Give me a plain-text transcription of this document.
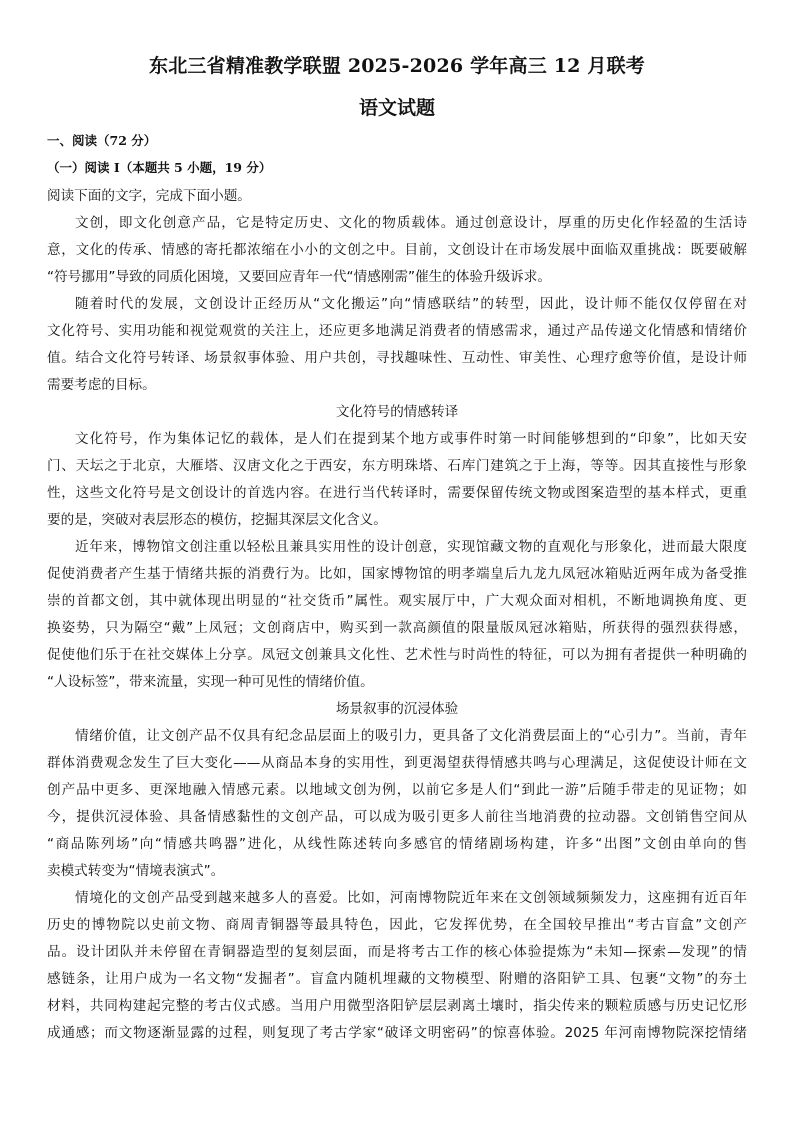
东北三省精准教学联盟 2025-2026 学年高三 12 月联考
语文试题
一、阅读（72 分）
（一）阅读 I（本题共 5 小题，19 分）
阅读下面的文字，完成下面小题。
文创，即文化创意产品，它是特定历史、文化的物质载体。通过创意设计，厚重的历史化作轻盈的生活诗
意，文化的传承、情感的寄托都浓缩在小小的文创之中。目前，文创设计在市场发展中面临双重挑战：既要破解
“符号挪用”导致的同质化困境，又要回应青年一代“情感刚需”催生的体验升级诉求。
随着时代的发展，文创设计正经历从“文化搬运”向“情感联结”的转型，因此，设计师不能仅仅停留在对
文化符号、实用功能和视觉观赏的关注上，还应更多地满足消费者的情感需求，通过产品传递文化情感和情绪价
值。结合文化符号转译、场景叙事体验、用户共创，寻找趣味性、互动性、审美性、心理疗愈等价值，是设计师
需要考虑的目标。
文化符号的情感转译
文化符号，作为集体记忆的载体，是人们在提到某个地方或事件时第一时间能够想到的“印象”，比如天安
门、天坛之于北京，大雁塔、汉唐文化之于西安，东方明珠塔、石库门建筑之于上海，等等。因其直接性与形象
性，这些文化符号是文创设计的首选内容。在进行当代转译时，需要保留传统文物或图案造型的基本样式，更重
要的是，突破对表层形态的模仿，挖掘其深层文化含义。
近年来，博物馆文创注重以轻松且兼具实用性的设计创意，实现馆藏文物的直观化与形象化，进而最大限度
促使消费者产生基于情绪共振的消费行为。比如，国家博物馆的明孝端皇后九龙九凤冠冰箱贴近两年成为备受推
崇的首都文创，其中就体现出明显的“社交货币”属性。观实展厅中，广大观众面对相机，不断地调换角度、更
换姿势，只为隔空“戴”上凤冠；文创商店中，购买到一款高颜值的限量版凤冠冰箱贴，所获得的强烈获得感，
促使他们乐于在社交媒体上分享。凤冠文创兼具文化性、艺术性与时尚性的特征，可以为拥有者提供一种明确的
“人设标签”，带来流量，实现一种可见性的情绪价值。
场景叙事的沉浸体验
情绪价值，让文创产品不仅具有纪念品层面上的吸引力，更具备了文化消费层面上的“心引力”。当前，青年
群体消费观念发生了巨大变化——从商品本身的实用性，到更渴望获得情感共鸣与心理满足，这促使设计师在文
创产品中更多、更深地融入情感元素。以地域文创为例，以前它多是人们“到此一游”后随手带走的见证物；如
今，提供沉浸体验、具备情感黏性的文创产品，可以成为吸引更多人前往当地消费的拉动器。文创销售空间从
“商品陈列场”向“情感共鸣器”进化，从线性陈述转向多感官的情绪剧场构建，许多“出图”文创由单向的售
卖模式转变为“情境表演式”。
情境化的文创产品受到越来越多人的喜爱。比如，河南博物院近年来在文创领域频频发力，这座拥有近百年
历史的博物院以史前文物、商周青铜器等最具特色，因此，它发挥优势，在全国较早推出“考古盲盒”文创产
品。设计团队并未停留在青铜器造型的复刻层面，而是将考古工作的核心体验提炼为“未知—探索—发现”的情
感链条，让用户成为一名文物“发掘者”。盲盒内随机埋藏的文物模型、附赠的洛阳铲工具、包裹“文物”的夯土
材料，共同构建起完整的考古仪式感。当用户用微型洛阳铲层层剥离土壤时，指尖传来的颗粒质感与历史记忆形
成通感；而文物逐渐显露的过程，则复现了考古学家“破译文明密码”的惊喜体验。2025 年河南博物院深挖情绪
